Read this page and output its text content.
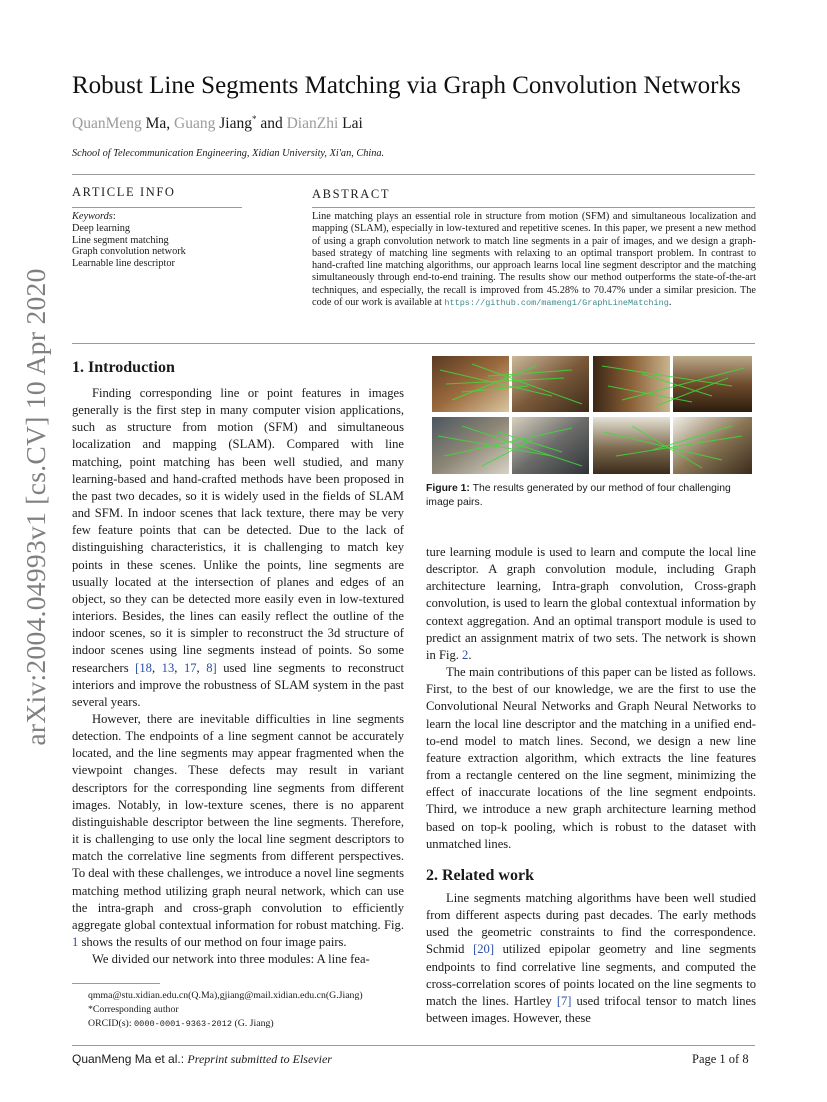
arXiv:2004.04993v1 [cs.CV] 10 Apr 2020
Robust Line Segments Matching via Graph Convolution Networks
QuanMeng Ma, Guang Jiang* and DianZhi Lai
School of Telecommunication Engineering, Xidian University, Xi'an, China.
ARTICLE INFO
Keywords:
Deep learning
Line segment matching
Graph convolution network
Learnable line descriptor
ABSTRACT
Line matching plays an essential role in structure from motion (SFM) and simultaneous localization and mapping (SLAM), especially in low-textured and repetitive scenes. In this paper, we present a new method of using a graph convolution network to match line segments in a pair of images, and we design a graph-based strategy of matching line segments with relaxing to an optimal transport problem. In contrast to hand-crafted line matching algorithms, our approach learns local line segment descriptor and the matching simultaneously through end-to-end training. The results show our method outperforms the state-of-the-art techniques, and especially, the recall is improved from 45.28% to 70.47% under a similar presicion. The code of our work is available at https://github.com/mameng1/GraphLineMatching.
1. Introduction

Finding corresponding line or point features in images generally is the first step in many computer vision applications, such as structure from motion (SFM) and simultaneous localization and mapping (SLAM). Compared with line matching, point matching has been well studied, and many learning-based and hand-crafted methods have been proposed in the past two decades, so it is widely used in the fields of SLAM and SFM. In indoor scenes that lack texture, there may be very few feature points that can be detected. Due to the lack of distinguishing characteristics, it is challenging to match key points in these scenes. Unlike the points, line segments are usually located at the intersection of planes and edges of an object, so they can be detected more easily even in low-textured interiors. Besides, the lines can easily reflect the outline of the indoor scenes, so it is simpler to reconstruct the 3d structure of indoor scenes using line segments instead of points. So some researchers [18, 13, 17, 8] used line segments to reconstruct interiors and improve the robustness of SLAM system in the past several years.

However, there are inevitable difficulties in line segments detection. The endpoints of a line segment cannot be accurately located, and the line segments may appear fragmented when the viewpoint changes. These defects may result in variant descriptors for the corresponding line segments from different images. Notably, in low-texture scenes, there is no apparent distinguishable descriptor between the line segments. Therefore, it is challenging to use only the local line segment descriptors to match the correlative line segments from different perspectives. To deal with these challenges, we introduce a novel line segments matching method utilizing graph neural network, which can use the intra-graph and cross-graph convolution to efficiently aggregate global contextual information for robust matching. Fig. 1 shows the results of our method on four image pairs.

We divided our network into three modules: A line fea-

Figure 1: The results generated by our method of four challenging image pairs.

ture learning module is used to learn and compute the local line descriptor. A graph convolution module, including Graph architecture learning, Intra-graph convolution, Cross-graph convolution, is used to learn the global contextual information by context aggregation. And an optimal transport module is used to predict an assignment matrix of two sets. The network is shown in Fig. 2.

The main contributions of this paper can be listed as follows. First, to the best of our knowledge, we are the first to use the Convolutional Neural Networks and Graph Neural Networks to learn the local line descriptor and the matching in a unified end-to-end model to match lines. Second, we design a new line feature extraction algorithm, which extracts the line features from a rectangle centered on the line segment, minimizing the effect of inaccurate locations of the line segment endpoints. Third, we introduce a new graph architecture learning method based on top-k pooling, which is robust to the dataset with unmatched lines.

2. Related work

Line segments matching algorithms have been well studied from different aspects during past decades. The early methods used the geometric constraints to find the correspondence. Schmid [20] utilized epipolar geometry and line segments endpoints to find correlative line segments, and computed the cross-correlation scores of points located on the line segments to match the lines. Hartley [7] used trifocal tensor to match lines between images. However, these

qmma@stu.xidian.edu.cn(Q.Ma),gjiang@mail.xidian.edu.cn(G.Jiang)
*Corresponding author
ORCID(s): 0000-0001-9363-2012 (G. Jiang)
QuanMeng Ma et al.: Preprint submitted to Elsevier	Page 1 of 8
